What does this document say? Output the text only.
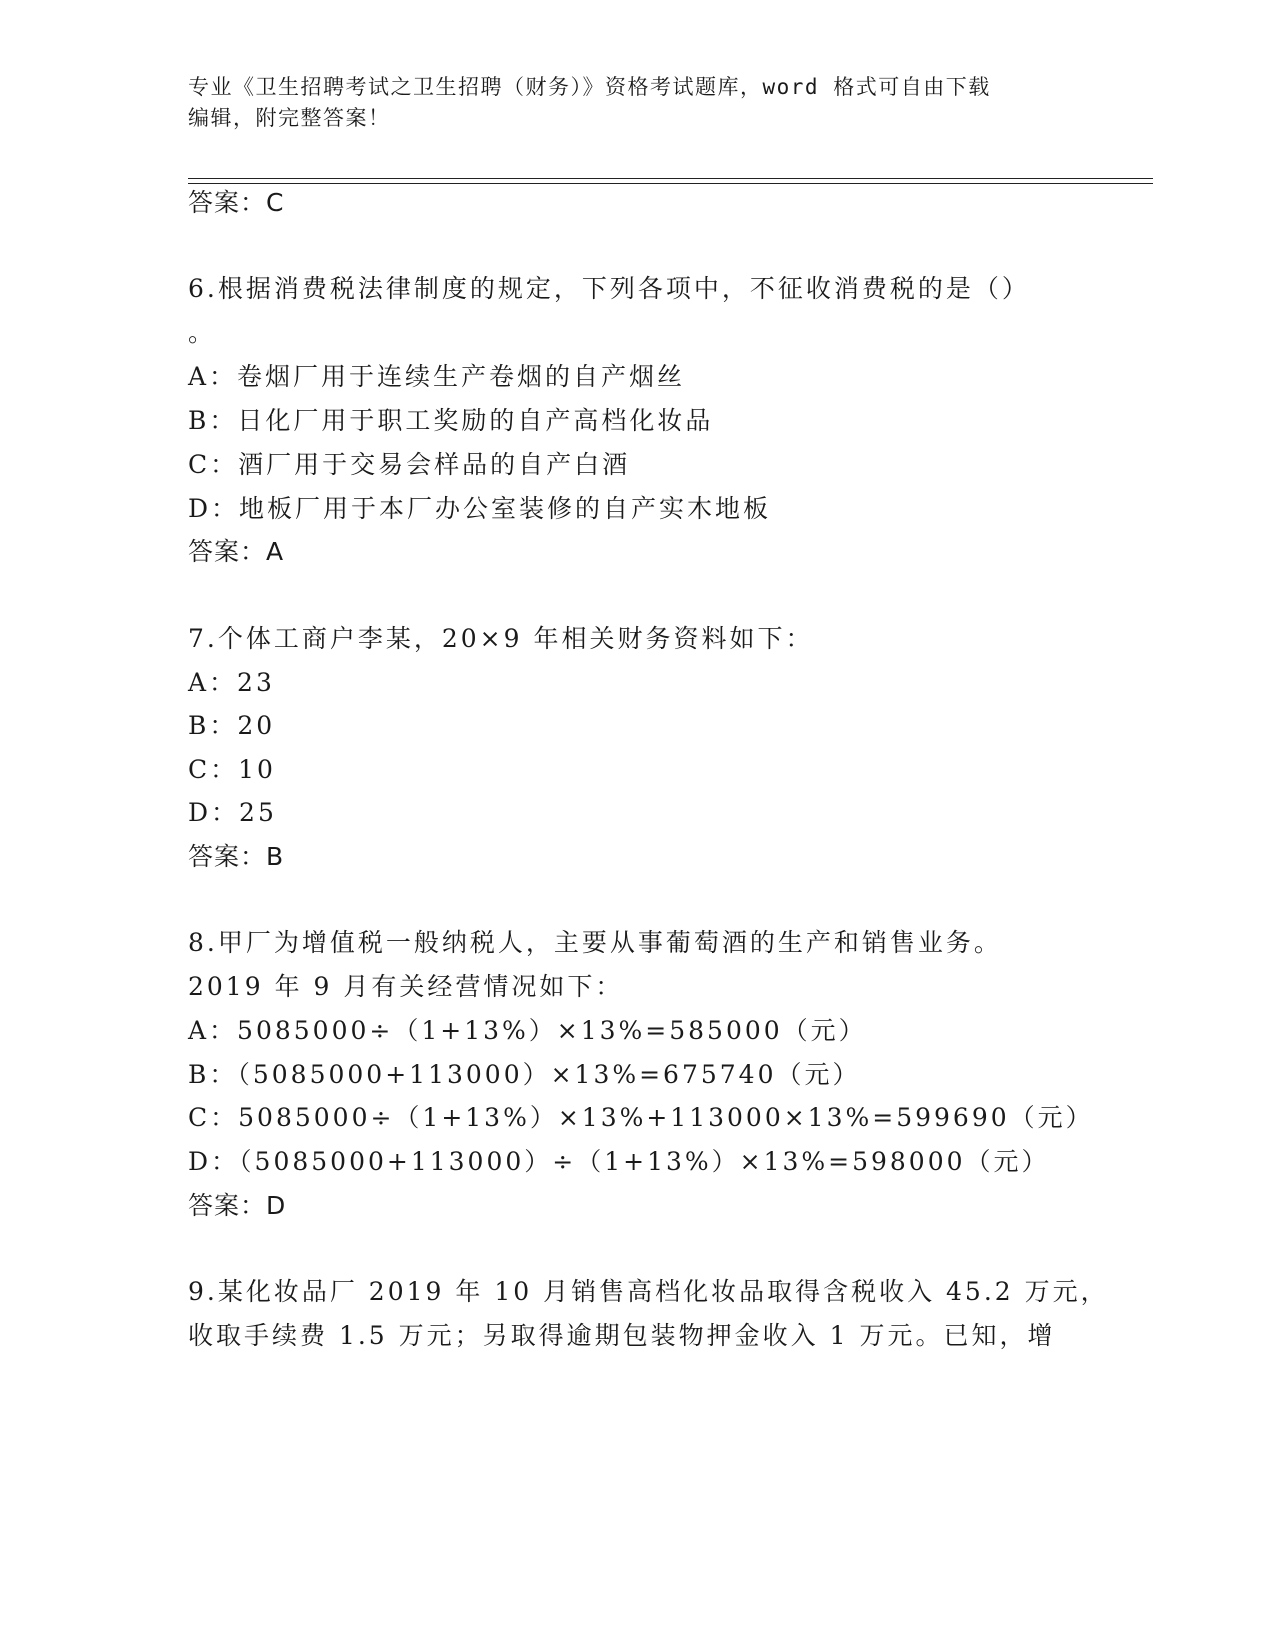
专业《卫生招聘考试之卫生招聘（财务）》资格考试题库，word 格式可自由下载
编辑，附完整答案！
答案：C
6.根据消费税法律制度的规定，下列各项中，不征收消费税的是（）
。
A：卷烟厂用于连续生产卷烟的自产烟丝
B：日化厂用于职工奖励的自产高档化妆品
C：酒厂用于交易会样品的自产白酒
D：地板厂用于本厂办公室装修的自产实木地板
答案：A
7.个体工商户李某，20×9 年相关财务资料如下：
A：23
B：20
C：10
D：25
答案：B
8.甲厂为增值税一般纳税人，主要从事葡萄酒的生产和销售业务。
2019 年 9 月有关经营情况如下：
A：5085000÷（1+13%）×13%=585000（元）
B：（5085000+113000）×13%=675740（元）
C：5085000÷（1+13%）×13%+113000×13%=599690（元）
D：（5085000+113000）÷（1+13%）×13%=598000（元）
答案：D
9.某化妆品厂 2019 年 10 月销售高档化妆品取得含税收入 45.2 万元，
收取手续费 1.5 万元；另取得逾期包装物押金收入 1 万元。已知，增
